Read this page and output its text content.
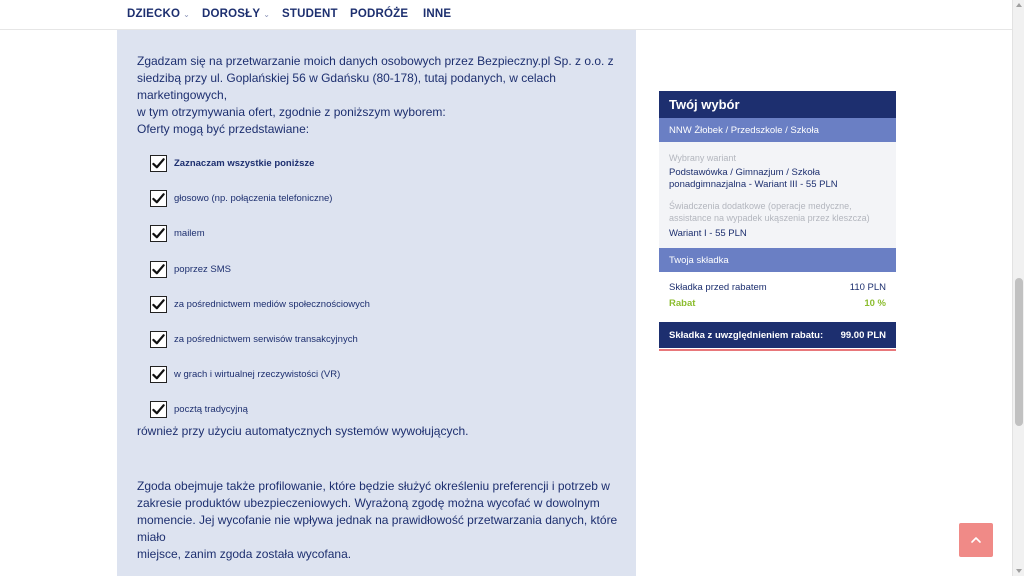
DZIECKO ⌄ DOROSŁY ⌄ STUDENT PODRÓŻE INNE

Zgadzam się na przetwarzanie moich danych osobowych przez Bezpieczny.pl Sp. z o.o. z

siedzibą przy ul. Goplańskiej 56 w Gdańsku (80-178), tutaj podanych, w celach marketingowych,

w tym otrzymywania ofert, zgodnie z poniższym wyborem:

Oferty mogą być przedstawiane:

Zaznaczam wszystkie poniższe
głosowo (np. połączenia telefoniczne)
mailem
poprzez SMS
za pośrednictwem mediów społecznościowych
za pośrednictwem serwisów transakcyjnych
w grach i wirtualnej rzeczywistości (VR)
pocztą tradycyjną

również przy użyciu automatycznych systemów wywołujących.

Zgoda obejmuje także profilowanie, które będzie służyć określeniu preferencji i potrzeb w

zakresie produktów ubezpieczeniowych. Wyrażoną zgodę można wycofać w dowolnym

momencie. Jej wycofanie nie wpływa jednak na prawidłowość przetwarzania danych, które miało

miejsce, zanim zgoda została wycofana.

Twój wybór
NNW Żłobek / Przedszkole / Szkoła
Wybrany wariant
Podstawówka / Gimnazjum / Szkoła
ponadgimnazjalna - Wariant III - 55 PLN
Świadczenia dodatkowe (operacje medyczne,
assistance na wypadek ukąszenia przez kleszcza)
Wariant I - 55 PLN
Twoja składka
Składka przed rabatem	110 PLN
Rabat	10 %
Składka z uwzględnieniem rabatu: 99.00 PLN
